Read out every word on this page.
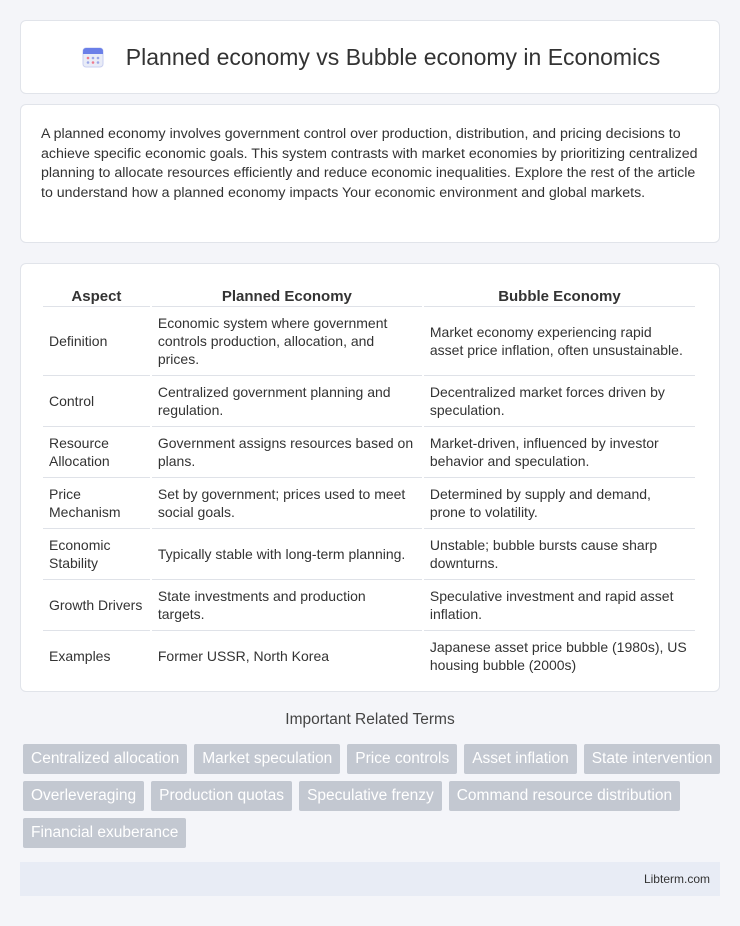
Planned economy vs Bubble economy in Economics

A planned economy involves government control over production, distribution, and pricing decisions to achieve specific economic goals. This system contrasts with market economies by prioritizing centralized planning to allocate resources efficiently and reduce economic inequalities. Explore the rest of the article to understand how a planned economy impacts Your economic environment and global markets.

Aspect	Planned Economy	Bubble Economy
Definition	Economic system where government controls production, allocation, and prices.	Market economy experiencing rapid asset price inflation, often unsustainable.
Control	Centralized government planning and regulation.	Decentralized market forces driven by speculation.
Resource Allocation	Government assigns resources based on plans.	Market-driven, influenced by investor behavior and speculation.
Price Mechanism	Set by government; prices used to meet social goals.	Determined by supply and demand, prone to volatility.
Economic Stability	Typically stable with long-term planning.	Unstable; bubble bursts cause sharp downturns.
Growth Drivers	State investments and production targets.	Speculative investment and rapid asset inflation.
Examples	Former USSR, North Korea	Japanese asset price bubble (1980s), US housing bubble (2000s)
Important Related Terms
Centralized allocation	Market speculation	Price controls	Asset inflation	State intervention
Overleveraging	Production quotas	Speculative frenzy	Command resource distribution
Financial exuberance
Libterm.com
